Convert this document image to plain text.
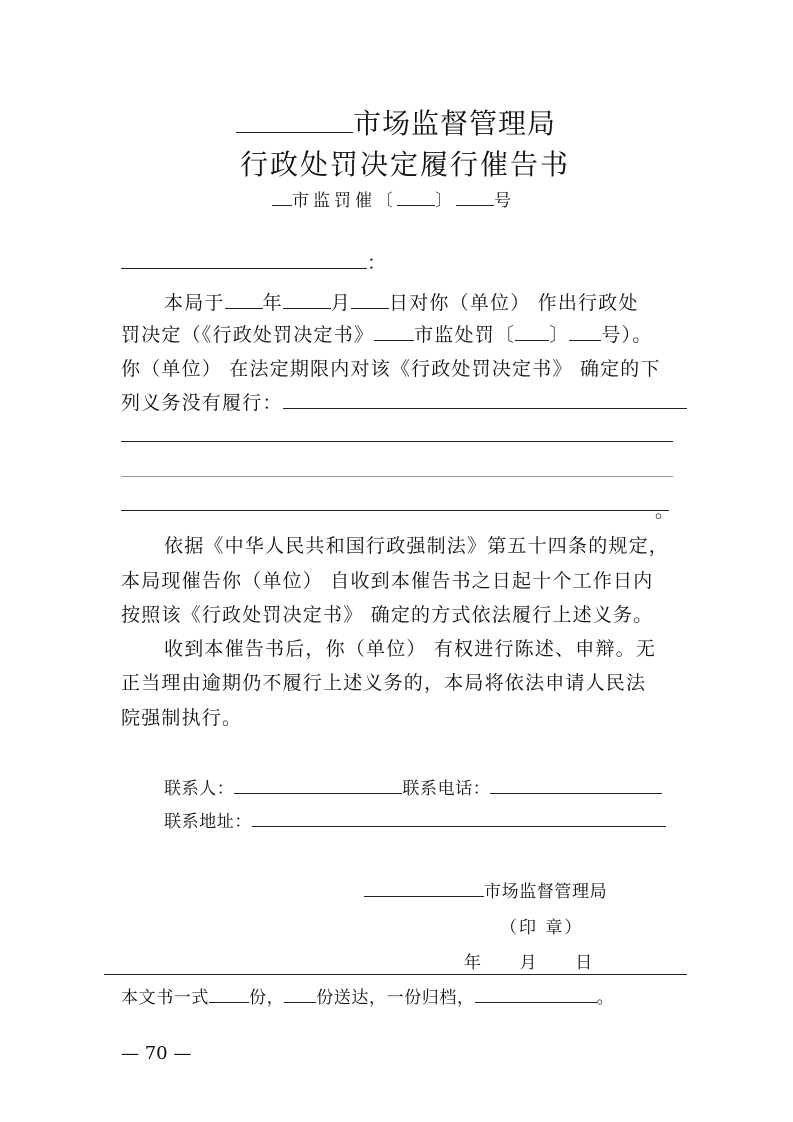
市场监督管理局
行政处罚决定履行催告书
市监罚催〔 〕 号
：
本局于 年	月 日对你（单位） 作出行政处
罚决定（《行政处罚决定书》 市监处罚〔 〕 号）。
你（单位） 在法定期限内对该《行政处罚决定书》 确定的下
列义务没有履行：
。
依据《中华人民共和国行政强制法》第五十四条的规定，
本局现催告你（单位） 自收到本催告书之日起十个工作日内
按照该《行政处罚决定书》 确定的方式依法履行上述义务。
收到本催告书后，你（单位） 有权进行陈述、申辩。无
正当理由逾期仍不履行上述义务的，本局将依法申请人民法
院强制执行。
联系人：	联系电话：
联系地址：
市场监督管理局
（印 章）
年 月 日
本文书一式 份， 份送达，一份归档，	。
— 70 —
